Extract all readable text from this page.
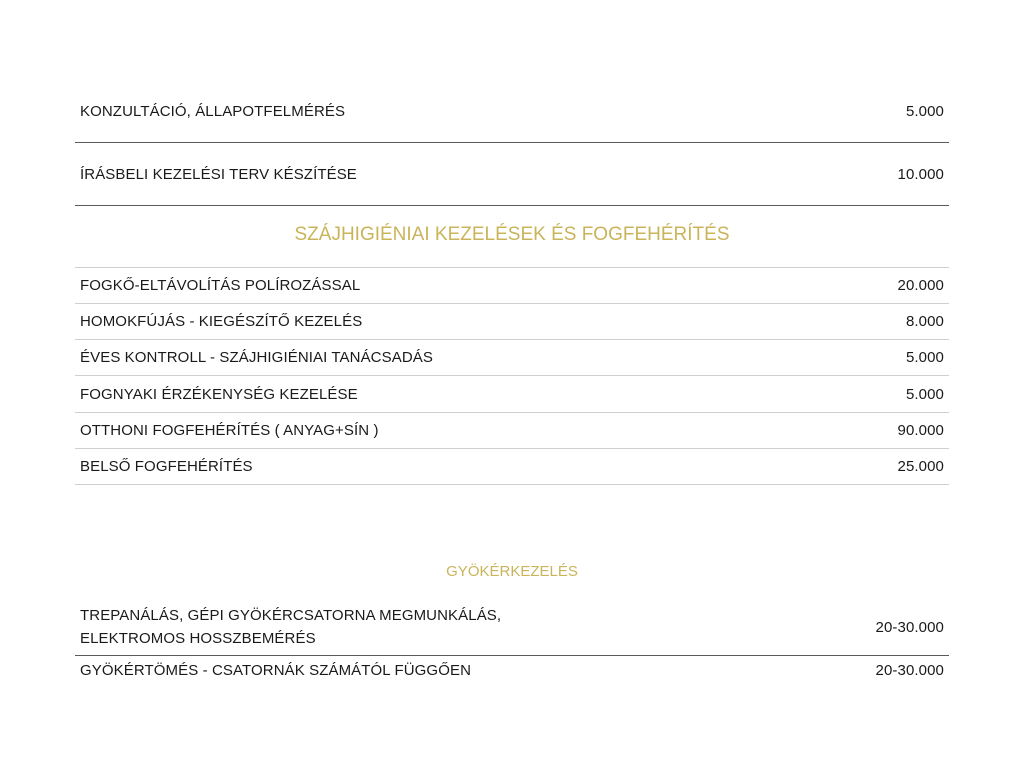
KONZULTÁCIÓ, ÁLLAPOTFELMÉRÉS	5.000
ÍRÁSBELI KEZELÉSI TERV KÉSZÍTÉSE	10.000
SZÁJHIGIÉNIAI KEZELÉSEK ÉS FOGFEHÉRÍTÉS
FOGKŐ-ELTÁVOLÍTÁS POLÍROZÁSSAL	20.000
HOMOKFÚJÁS - KIEGÉSZÍTŐ KEZELÉS	8.000
ÉVES KONTROLL - SZÁJHIGIÉNIAI TANÁCSADÁS	5.000
FOGNYAKI ÉRZÉKENYSÉG KEZELÉSE	5.000
OTTHONI FOGFEHÉRÍTÉS ( ANYAG+SÍN )	90.000
BELSŐ FOGFEHÉRÍTÉS	25.000
GYÖKÉRKEZELÉS
TREPANÁLÁS, GÉPI GYÖKÉRCSATORNA MEGMUNKÁLÁS,
ELEKTROMOS HOSSZBEMÉRÉS
20-30.000
GYÖKÉRTÖMÉS - CSATORNÁK SZÁMÁTÓL FÜGGŐEN	20-30.000
